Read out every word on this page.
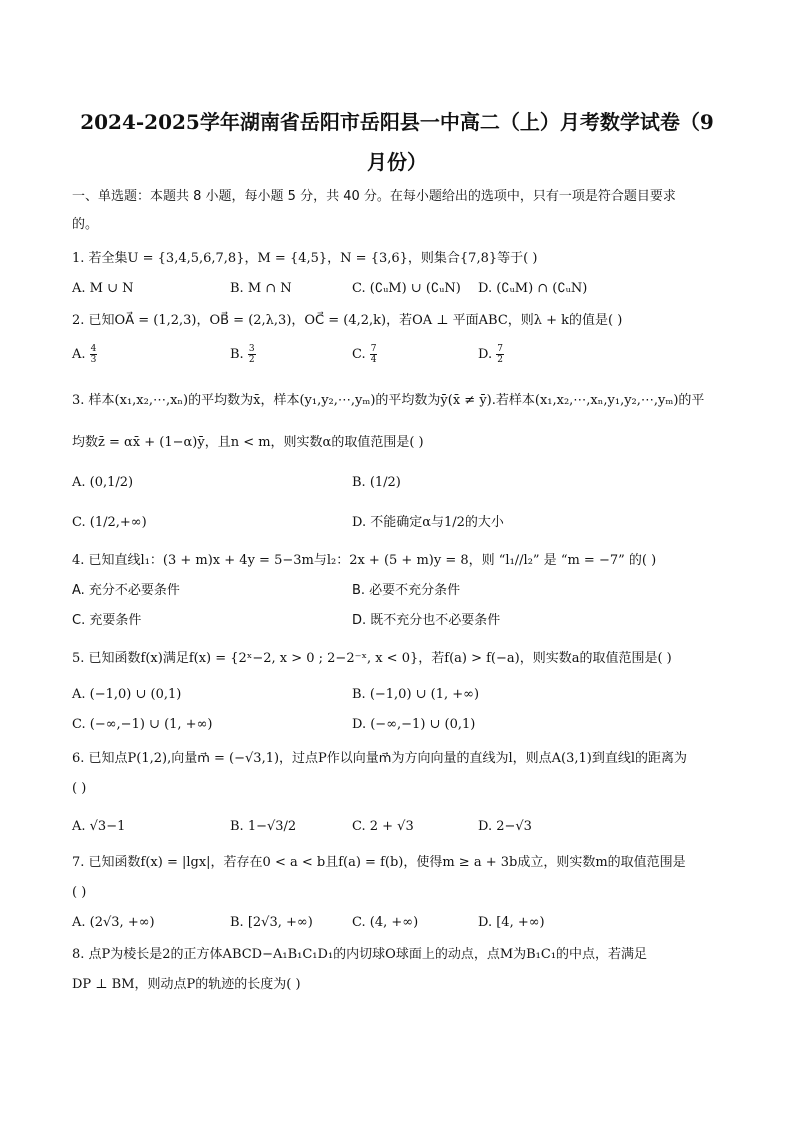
2024-2025学年湖南省岳阳市岳阳县一中高二（上）月考数学试卷（9
月份）
一、单选题：本题共 8 小题，每小题 5 分，共 40 分。在每小题给出的选项中，只有一项是符合题目要求
的。
1. 若全集U = {3,4,5,6,7,8}，M = {4,5}，N = {3,6}，则集合{7,8}等于( )
A. M ∪ N	B. M ∩ N	C. (∁ᵤM) ∪ (∁ᵤN) D. (∁ᵤM) ∩ (∁ᵤN)
2. 已知OA⃗ = (1,2,3)，OB⃗ = (2,λ,3)，OC⃗ = (4,2,k)，若OA ⊥ 平面ABC，则λ + k的值是( )
A. $\frac{4}{3}$	B. $\frac{3}{2}$	C. $\frac{7}{4}$	D. $\frac{7}{2}$
3. 样本(x₁,x₂,⋯,xₙ)的平均数为x̄，样本(y₁,y₂,⋯,yₘ)的平均数为ȳ(x̄ ≠ ȳ).若样本(x₁,x₂,⋯,xₙ,y₁,y₂,⋯,yₘ)的平
均数z̄ = αx̄ + (1−α)ȳ，且n < m，则实数α的取值范围是( )
A. (0,1/2)	B. (1/2)
C. (1/2,+∞)	D. 不能确定α与1/2的大小
4. 已知直线l₁：(3 + m)x + 4y = 5−3m与l₂：2x + (5 + m)y = 8，则 “l₁//l₂” 是 “m = −7” 的( )
A. 充分不必要条件	B. 必要不充分条件
C. 充要条件	D. 既不充分也不必要条件
5. 已知函数f(x)满足f(x) = {2ˣ−2, x > 0 ; 2−2⁻ˣ, x < 0}，若f(a) > f(−a)，则实数a的取值范围是( )
A. (−1,0) ∪ (0,1)	B. (−1,0) ∪ (1, +∞)
C. (−∞,−1) ∪ (1, +∞)	D. (−∞,−1) ∪ (0,1)
6. 已知点P(1,2),向量m⃗ = (−√3,1)，过点P作以向量m⃗为方向向量的直线为l，则点A(3,1)到直线l的距离为
( )
A. √3−1	B. 1−√3/2	C. 2 + √3	D. 2−√3
7. 已知函数f(x) = |lgx|，若存在0 < a < b且f(a) = f(b)，使得m ≥ a + 3b成立，则实数m的取值范围是
( )
A. (2√3, +∞)	B. [2√3, +∞)	C. (4, +∞)	D. [4, +∞)
8. 点P为棱长是2的正方体ABCD−A₁B₁C₁D₁的内切球O球面上的动点，点M为B₁C₁的中点，若满足
DP ⊥ BM，则动点P的轨迹的长度为( )
